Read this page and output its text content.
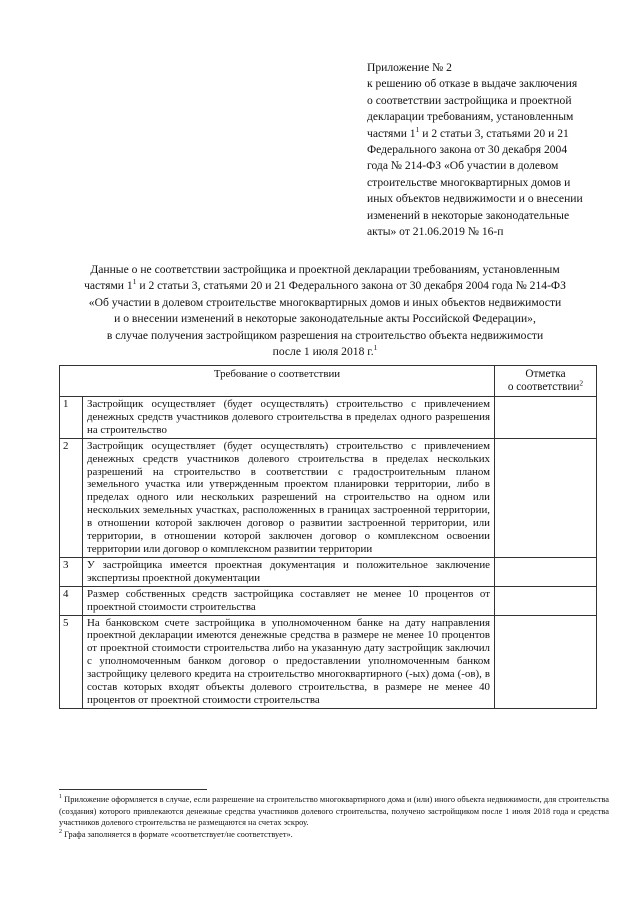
Приложение № 2
к решению об отказе в выдаче заключения
о соответствии застройщика и проектной
декларации требованиям, установленным
частями $1^1$ и 2 статьи 3, статьями 20 и 21
Федерального закона от 30 декабря 2004
года № 214-ФЗ «Об участии в долевом
строительстве многоквартирных домов и
иных объектов недвижимости и о внесении
изменений в некоторые законодательные
акты» от 21.06.2019 № 16-п
Данные о не соответствии застройщика и проектной декларации требованиям, установленным
частями $1^1$ и 2 статьи 3, статьями 20 и 21 Федерального закона от 30 декабря 2004 года № 214-ФЗ
«Об участии в долевом строительстве многоквартирных домов и иных объектов недвижимости
и о внесении изменений в некоторые законодательные акты Российской Федерации»,
в случае получения застройщиком разрешения на строительство объекта недвижимости
после 1 июля 2018 г.$^1$
Требование о соответствии		Отметка
о соответствии$^2$
1	Застройщик осуществляет (будет осуществлять) строительство с привлечением денежных средств участников долевого строительства в пределах одного разрешения на строительство	
2	Застройщик осуществляет (будет осуществлять) строительство с привлечением денежных средств участников долевого строительства в пределах нескольких разрешений на строительство в соответствии с градостроительным планом земельного участка или утвержденным проектом планировки территории, либо в пределах одного или нескольких разрешений на строительство на одном или нескольких земельных участках, расположенных в границах застроенной территории, в отношении которой заключен договор о развитии застроенной территории, или территории, в отношении которой заключен договор о комплексном освоении территории или договор о комплексном развитии территории	
3	У застройщика имеется проектная документация и положительное заключение экспертизы проектной документации	
4	Размер собственных средств застройщика составляет не менее 10 процентов от проектной стоимости строительства	
5	На банковском счете застройщика в уполномоченном банке на дату направления проектной декларации имеются денежные средства в размере не менее 10 процентов от проектной стоимости строительства либо на указанную дату застройщик заключил с уполномоченным банком договор о предоставлении уполномоченным банком застройщику целевого кредита на строительство многоквартирного (-ых) дома (-ов), в состав которых входят объекты долевого строительства, в размере не менее 40 процентов от проектной стоимости строительства	
$^1$ Приложение оформляется в случае, если разрешение на строительство многоквартирного дома и (или) иного объекта недвижимости, для строительства (создания) которого привлекаются денежные средства участников долевого строительства, получено застройщиком после 1 июля 2018 года и средства участников долевого строительства не размещаются на счетах эскроу.
$^2$ Графа заполняется в формате «соответствует/не соответствует».
